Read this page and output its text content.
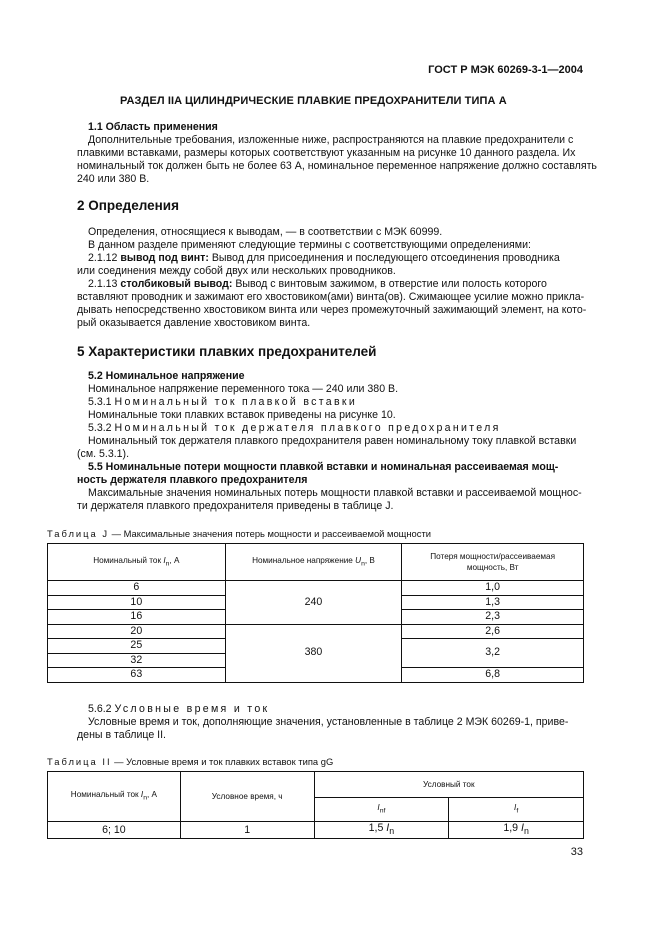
ГОСТ Р МЭК 60269-3-1—2004
РАЗДЕЛ IIA ЦИЛИНДРИЧЕСКИЕ ПЛАВКИЕ ПРЕДОХРАНИТЕЛИ ТИПА А
1.1 Область применения
Дополнительные требования, изложенные ниже, распространяются на плавкие предохранители с
плавкими вставками, размеры которых соответствуют указанным на рисунке 10 данного раздела. Их
номинальный ток должен быть не более 63 А, номинальное переменное напряжение должно составлять
240 или 380 В.
2 Определения
Определения, относящиеся к выводам, — в соответствии с МЭК 60999.
В данном разделе применяют следующие термины с соответствующими определениями:
2.1.12 вывод под винт: Вывод для присоединения и последующего отсоединения проводника
или соединения между собой двух или нескольких проводников.
2.1.13 столбиковый вывод: Вывод с винтовым зажимом, в отверстие или полость которого
вставляют проводник и зажимают его хвостовиком(ами) винта(ов). Сжимающее усилие можно прикла-
дывать непосредственно хвостовиком винта или через промежуточный зажимающий элемент, на кото-
рый оказывается давление хвостовиком винта.
5 Характеристики плавких предохранителей
5.2 Номинальное напряжение
Номинальное напряжение переменного тока — 240 или 380 В.
5.3.1 Номинальный ток плавкой вставки
Номинальные токи плавких вставок приведены на рисунке 10.
5.3.2 Номинальный ток держателя плавкого предохранителя
Номинальный ток держателя плавкого предохранителя равен номинальному току плавкой вставки
(см. 5.3.1).
5.5 Номинальные потери мощности плавкой вставки и номинальная рассеиваемая мощ-
ность держателя плавкого предохранителя
Максимальные значения номинальных потерь мощности плавкой вставки и рассеиваемой мощнос-
ти держателя плавкого предохранителя приведены в таблице J.
Таблица J — Максимальные значения потерь мощности и рассеиваемой мощности
Номинальный ток $I_n$, А	Номинальное напряжение $U_n$, В	Потеря мощности/рассеиваемая
мощность, Вт
6	240	1,0
10		1,3
16		2,3
20	380	2,6
25		3,2
32		
63		6,8
5.6.2 Условные время и ток
Условные время и ток, дополняющие значения, установленные в таблице 2 МЭК 60269-1, приве-
дены в таблице II.
Таблица II — Условные время и ток плавких вставок типа gG
Номинальный ток $I_n$, А	Условное время, ч	Условный ток	
		$I_{nf}$	$I_f$
6; 10	1	1,5 $I_n$	1,9 $I_n$
33
